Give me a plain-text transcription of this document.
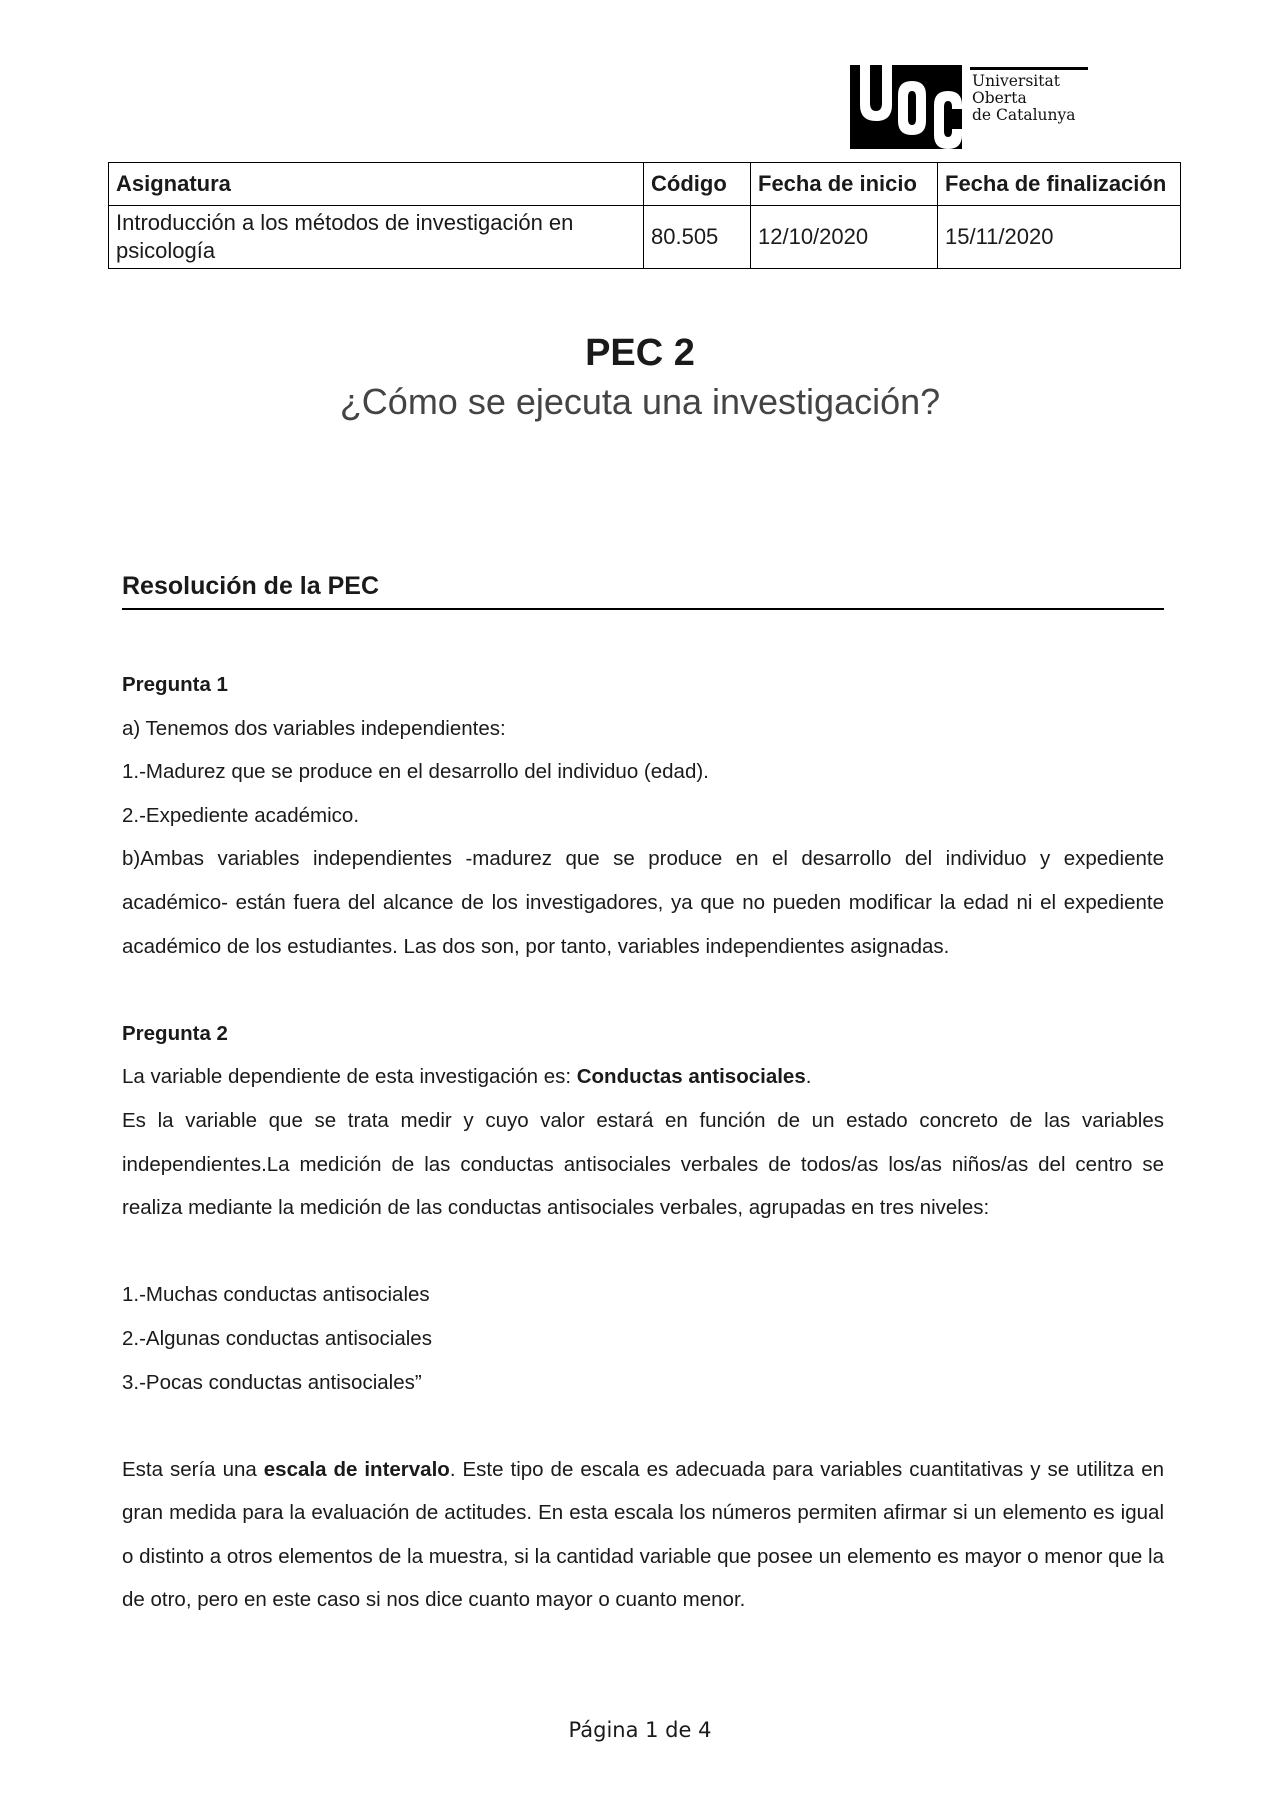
Universitat
Oberta
de Catalunya
Asignatura	Código	Fecha de inicio	Fecha de finalización
Introducción a los métodos de investigación en psicología	80.505	12/10/2020	15/11/2020

PEC 2

¿Cómo se ejecuta una investigación?

Resolución de la PEC

Pregunta 1

a) Tenemos dos variables independientes:

1.-Madurez que se produce en el desarrollo del individuo (edad).

2.-Expediente académico.

b)Ambas variables independientes -madurez que se produce en el desarrollo del individuo y expediente académico- están fuera del alcance de los investigadores, ya que no pueden modificar la edad ni el expediente académico de los estudiantes. Las dos son, por tanto, variables independientes asignadas.

Pregunta 2

La variable dependiente de esta investigación es: Conductas antisociales.

Es la variable que se trata medir y cuyo valor estará en función de un estado concreto de las variables independientes.La medición de las conductas antisociales verbales de todos/as los/as niños/as del centro se realiza mediante la medición de las conductas antisociales verbales, agrupadas en tres niveles:

1.-Muchas conductas antisociales

2.-Algunas conductas antisociales

3.-Pocas conductas antisociales”

Esta sería una escala de intervalo. Este tipo de escala es adecuada para variables cuantitativas y se utilitza en gran medida para la evaluación de actitudes. En esta escala los números permiten afirmar si un elemento es igual o distinto a otros elementos de la muestra, si la cantidad variable que posee un elemento es mayor o menor que la de otro, pero en este caso si nos dice cuanto mayor o cuanto menor.

Página 1 de 4
